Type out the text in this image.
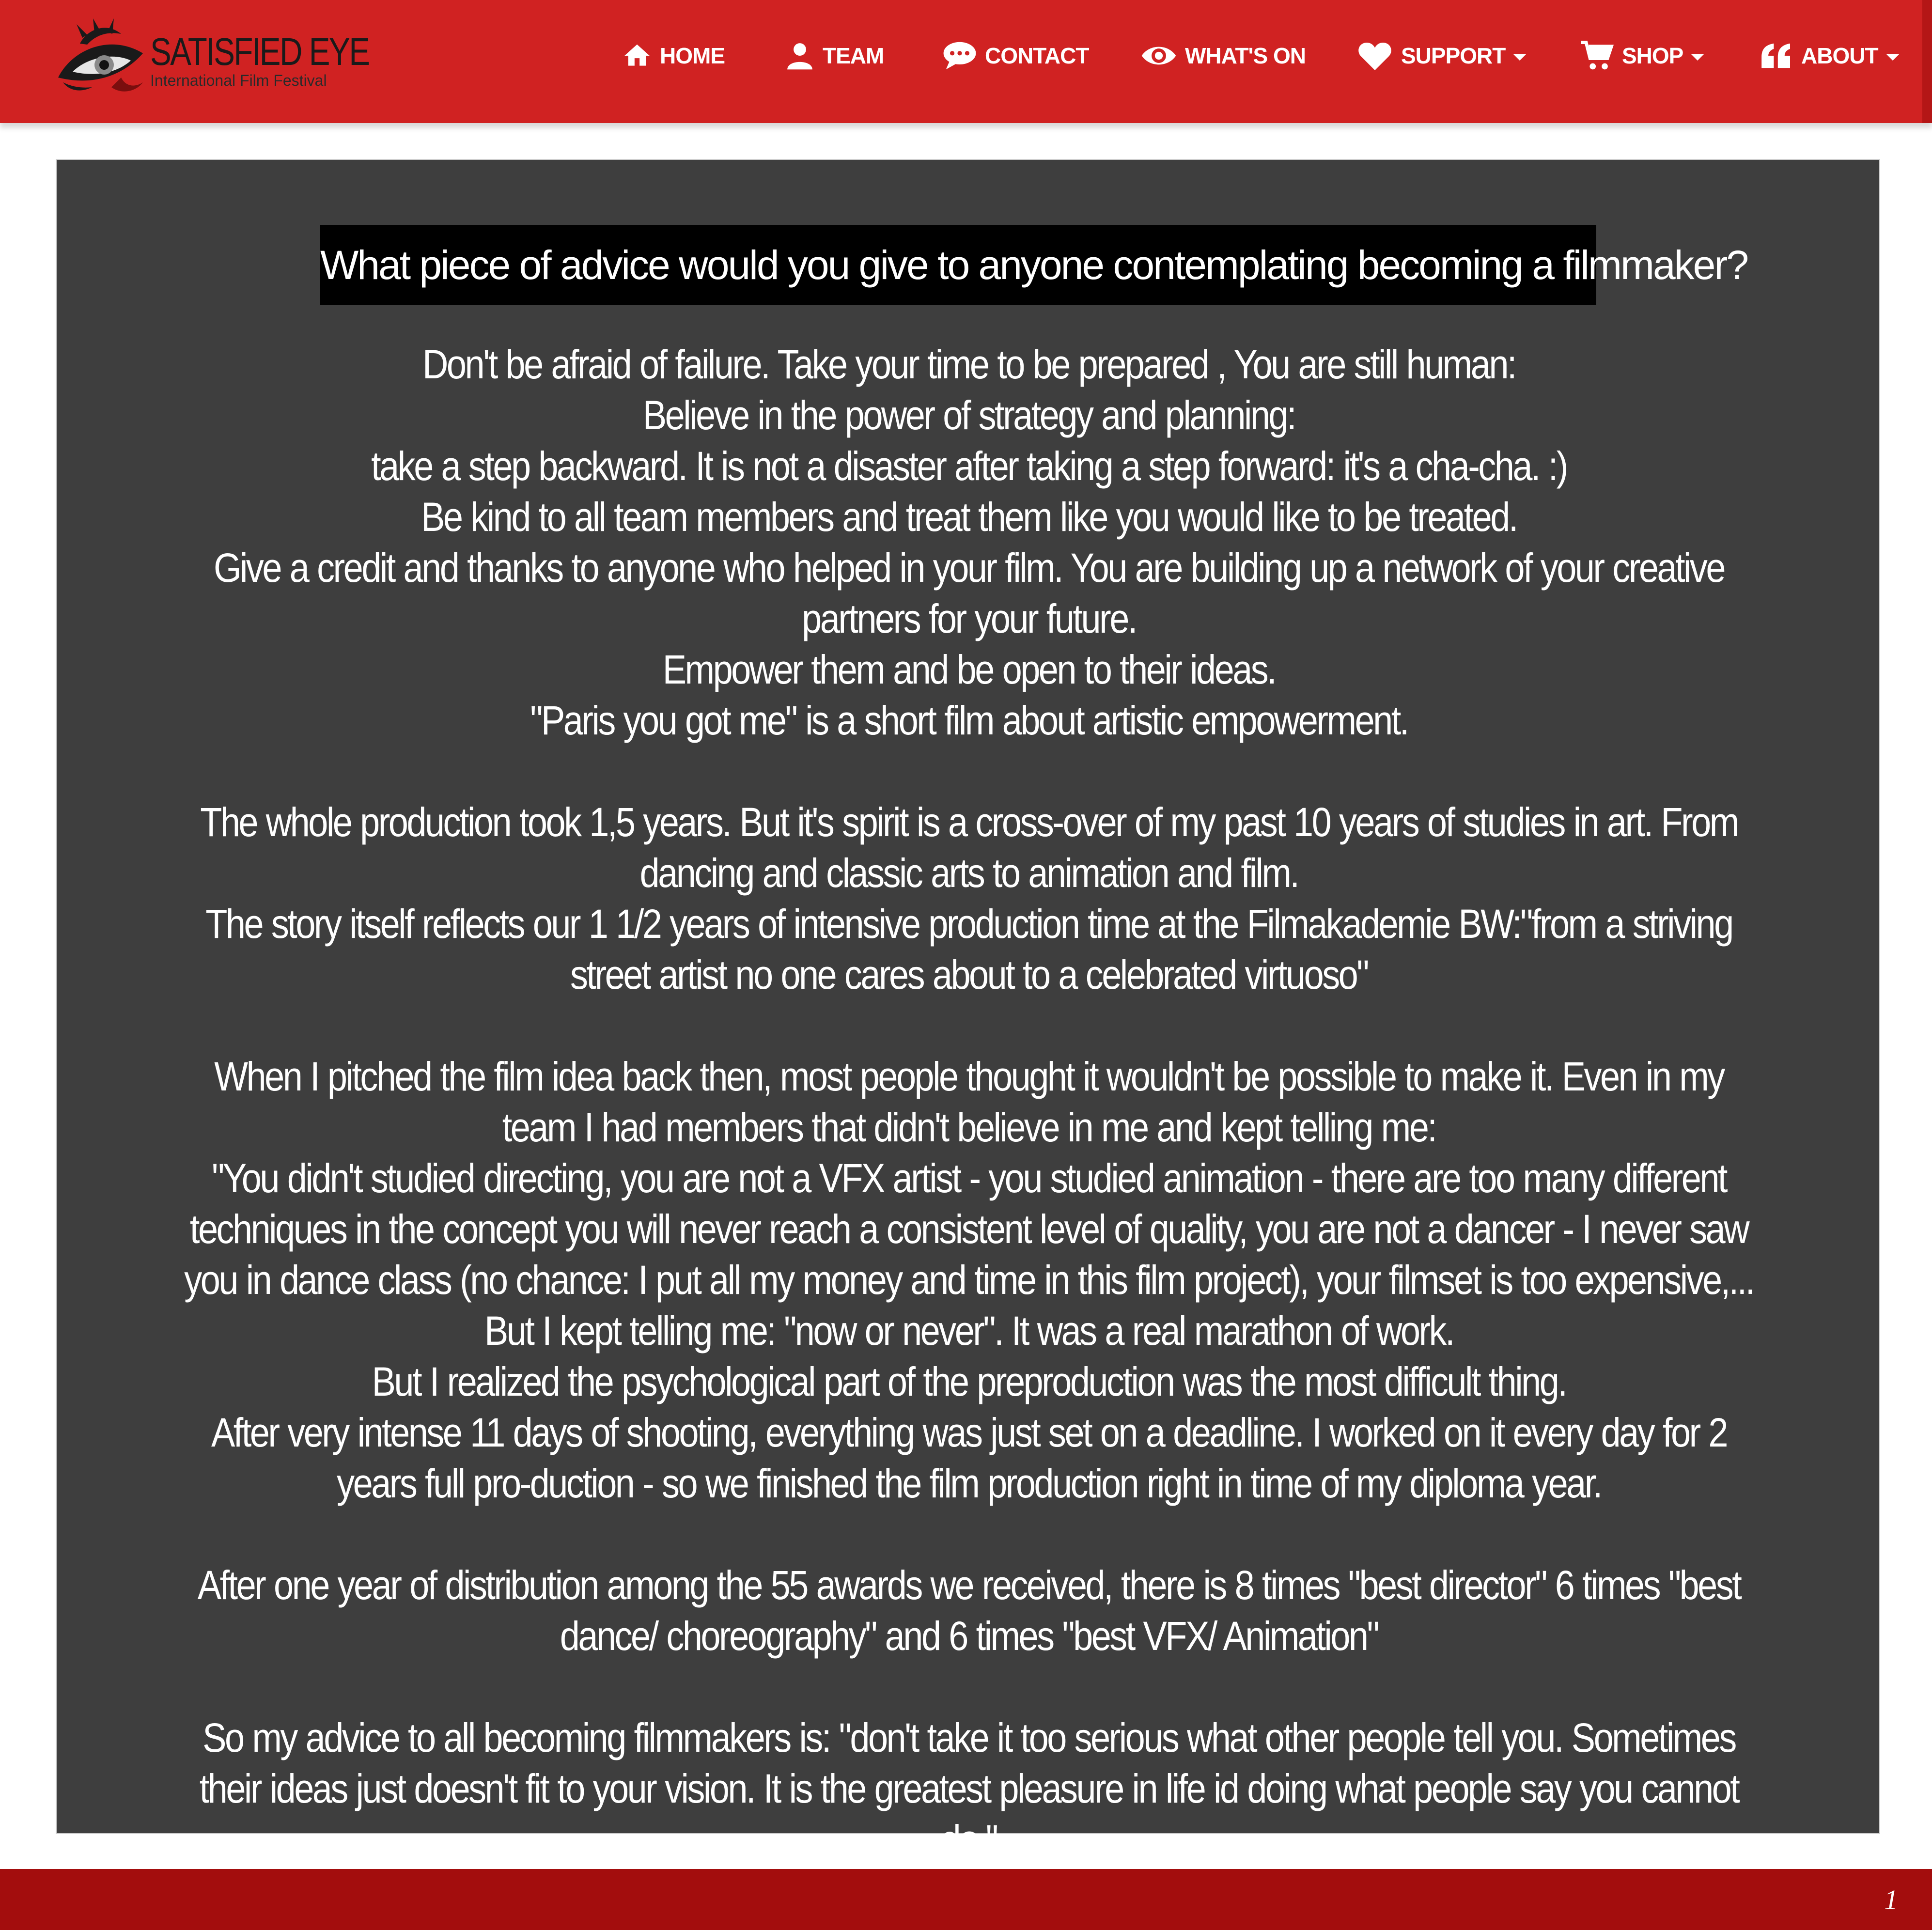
SATISFIED EYE
International Film Festival
HOME	TEAM	CONTACT	WHAT'S ON	SUPPORT	SHOP	ABOUT
What piece of advice would you give to anyone contemplating becoming a filmmaker?

Don't be afraid of failure. Take your time to be prepared , You are still human:

Believe in the power of strategy and planning:

take a step backward. It is not a disaster after taking a step forward: it's a cha-cha. :)

Be kind to all team members and treat them like you would like to be treated.

Give a credit and thanks to anyone who helped in your film. You are building up a network of your creative partners for your future.

Empower them and be open to their ideas.

"Paris you got me" is a short film about artistic empowerment.

The whole production took 1,5 years. But it's spirit is a cross-over of my past 10 years of studies in art. From dancing and classic arts to animation and film.

The story itself reflects our 1 1/2 years of intensive production time at the Filmakademie BW:"from a striving street artist no one cares about to a celebrated virtuoso"

When I pitched the film idea back then, most people thought it wouldn't be possible to make it. Even in my team I had members that didn't believe in me and kept telling me:

"You didn't studied directing, you are not a VFX artist - you studied animation - there are too many different techniques in the concept you will never reach a consistent level of quality, you are not a dancer - I never saw you in dance class (no chance: I put all my money and time in this film project), your filmset is too expensive,...

But I kept telling me: "now or never". It was a real marathon of work.

But I realized the psychological part of the preproduction was the most difficult thing.

After very intense 11 days of shooting, everything was just set on a deadline. I worked on it every day for 2 years full pro-duction - so we finished the film production right in time of my diploma year.

After one year of distribution among the 55 awards we received, there is 8 times "best director" 6 times "best dance/ choreography" and 6 times "best VFX/ Animation"

So my advice to all becoming filmmakers is: "don't take it too serious what other people tell you. Sometimes their ideas just doesn't fit to your vision. It is the greatest pleasure in life id doing what people say you cannot do."

1
